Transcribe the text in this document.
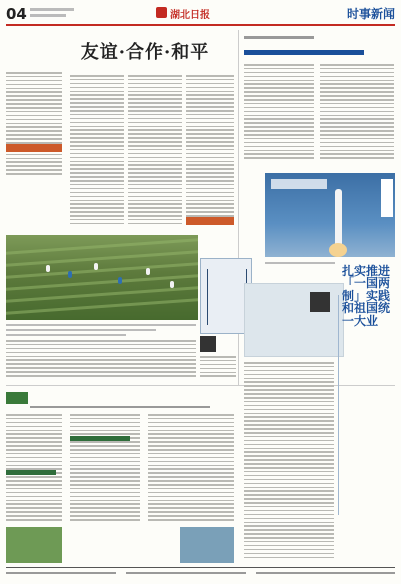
04	湖北日报	时事新闻
友谊·合作·和平
扎实推进「一国两制」实践和祖国统一大业
